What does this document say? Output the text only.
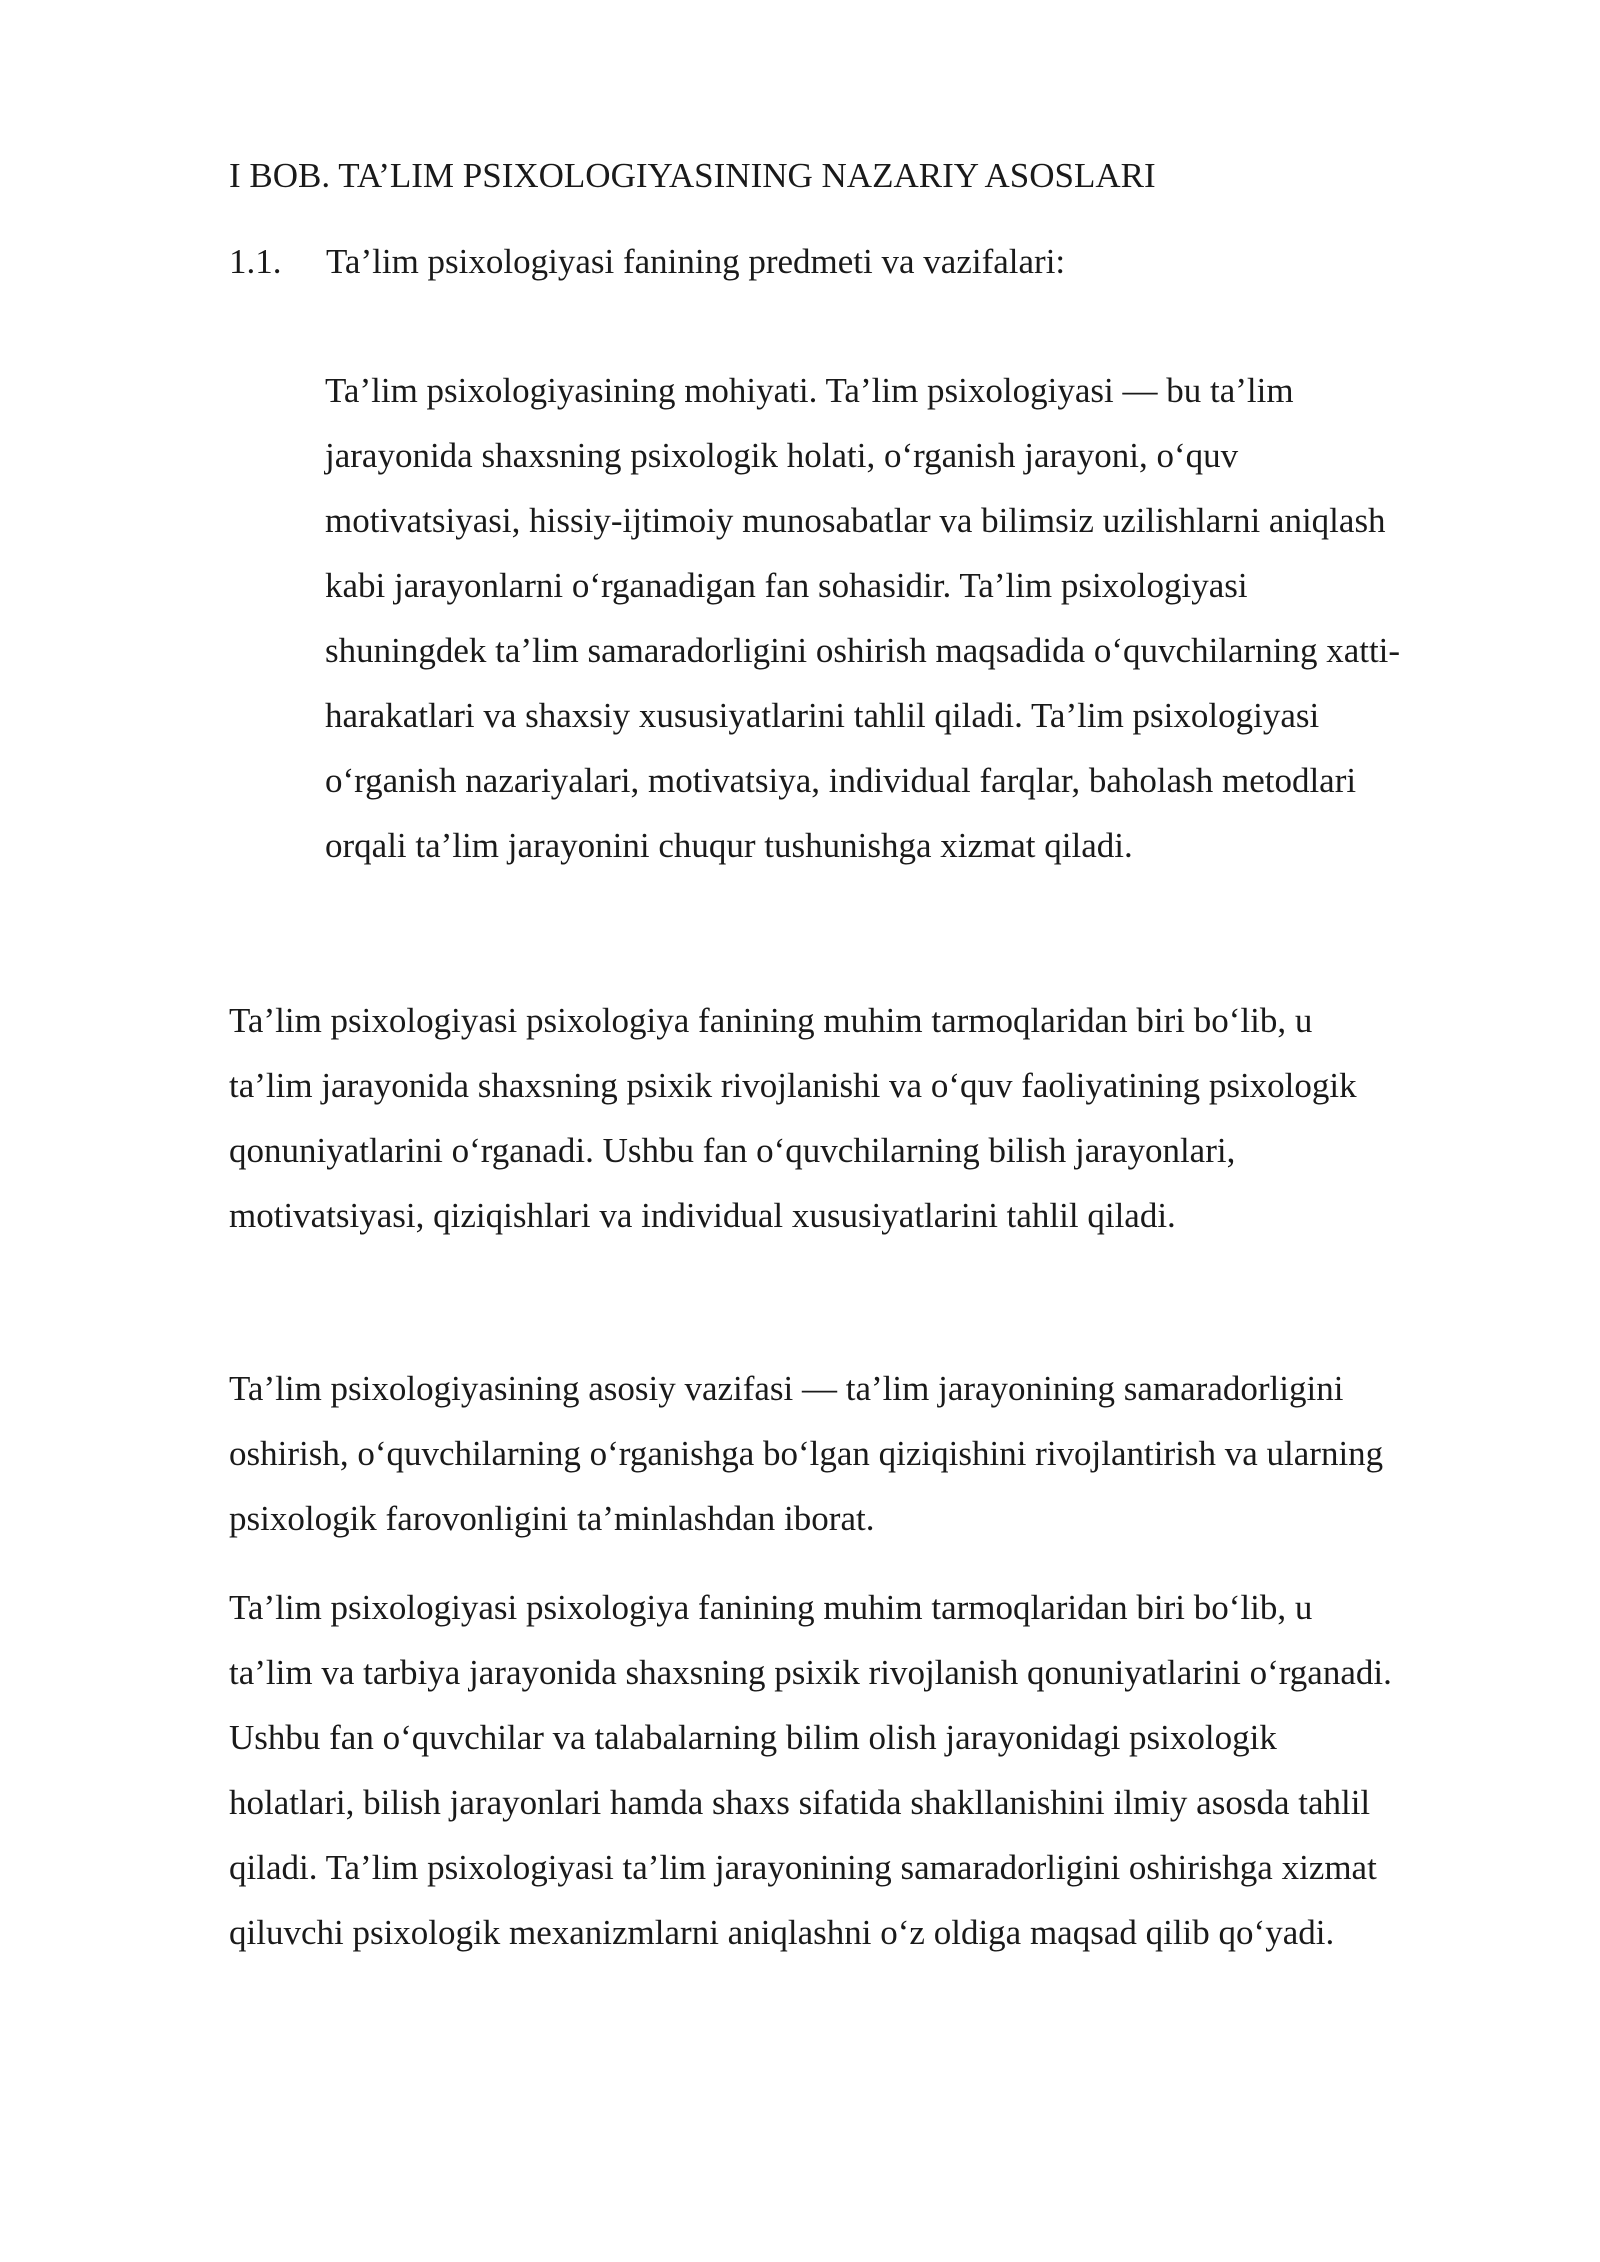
I BOB. TA’LIM PSIXOLOGIYASINING NAZARIY ASOSLARI
1.1. Ta’lim psixologiyasi fanining predmeti va vazifalari:
Ta’lim psixologiyasining mohiyati. Ta’lim psixologiyasi — bu ta’lim
jarayonida shaxsning psixologik holati, o‘rganish jarayoni, o‘quv
motivatsiyasi, hissiy-ijtimoiy munosabatlar va bilimsiz uzilishlarni aniqlash
kabi jarayonlarni o‘rganadigan fan sohasidir. Ta’lim psixologiyasi
shuningdek ta’lim samaradorligini oshirish maqsadida o‘quvchilarning xatti-
harakatlari va shaxsiy xususiyatlarini tahlil qiladi. Ta’lim psixologiyasi
o‘rganish nazariyalari, motivatsiya, individual farqlar, baholash metodlari
orqali ta’lim jarayonini chuqur tushunishga xizmat qiladi.
Ta’lim psixologiyasi psixologiya fanining muhim tarmoqlaridan biri bo‘lib, u
ta’lim jarayonida shaxsning psixik rivojlanishi va o‘quv faoliyatining psixologik
qonuniyatlarini o‘rganadi. Ushbu fan o‘quvchilarning bilish jarayonlari,
motivatsiyasi, qiziqishlari va individual xususiyatlarini tahlil qiladi.
Ta’lim psixologiyasining asosiy vazifasi — ta’lim jarayonining samaradorligini
oshirish, o‘quvchilarning o‘rganishga bo‘lgan qiziqishini rivojlantirish va ularning
psixologik farovonligini ta’minlashdan iborat.
Ta’lim psixologiyasi psixologiya fanining muhim tarmoqlaridan biri bo‘lib, u
ta’lim va tarbiya jarayonida shaxsning psixik rivojlanish qonuniyatlarini o‘rganadi.
Ushbu fan o‘quvchilar va talabalarning bilim olish jarayonidagi psixologik
holatlari, bilish jarayonlari hamda shaxs sifatida shakllanishini ilmiy asosda tahlil
qiladi. Ta’lim psixologiyasi ta’lim jarayonining samaradorligini oshirishga xizmat
qiluvchi psixologik mexanizmlarni aniqlashni o‘z oldiga maqsad qilib qo‘yadi.
